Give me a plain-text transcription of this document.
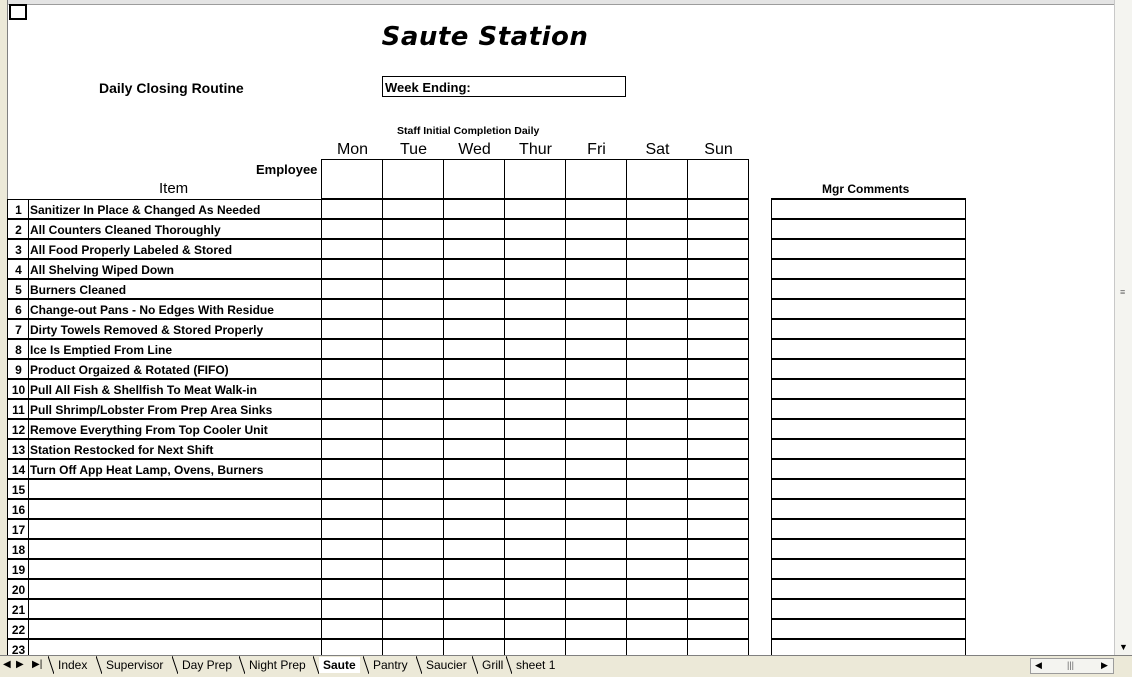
Saute Station
Daily Closing Routine	Week Ending:
Staff Initial Completion Daily
Mon	Tue	Wed	Thur	Fri	Sat	Sun
Employee
Item	Mgr Comments
1 Sanitizer In Place & Changed As Needed
2 All Counters Cleaned Thoroughly
3 All Food Properly Labeled & Stored
4 All Shelving Wiped Down
5 Burners Cleaned
6 Change-out Pans - No Edges With Residue
7 Dirty Towels Removed & Stored Properly
8 Ice Is Emptied From Line
9 Product Orgaized & Rotated (FIFO)
10 Pull All Fish & Shellfish To Meat Walk-in
11 Pull Shrimp/Lobster From Prep Area Sinks
12 Remove Everything From Top Cooler Unit
13 Station Restocked for Next Shift
14 Turn Off App Heat Lamp, Ovens, Burners
15
16
17
18
19
20
21
22
23
≡
▼
◀ ▶ ▶|	Index	Supervisor	Day Prep	Night Prep	Saute	Pantry	Saucier	Grill	sheet 1	◀	|||	▶
